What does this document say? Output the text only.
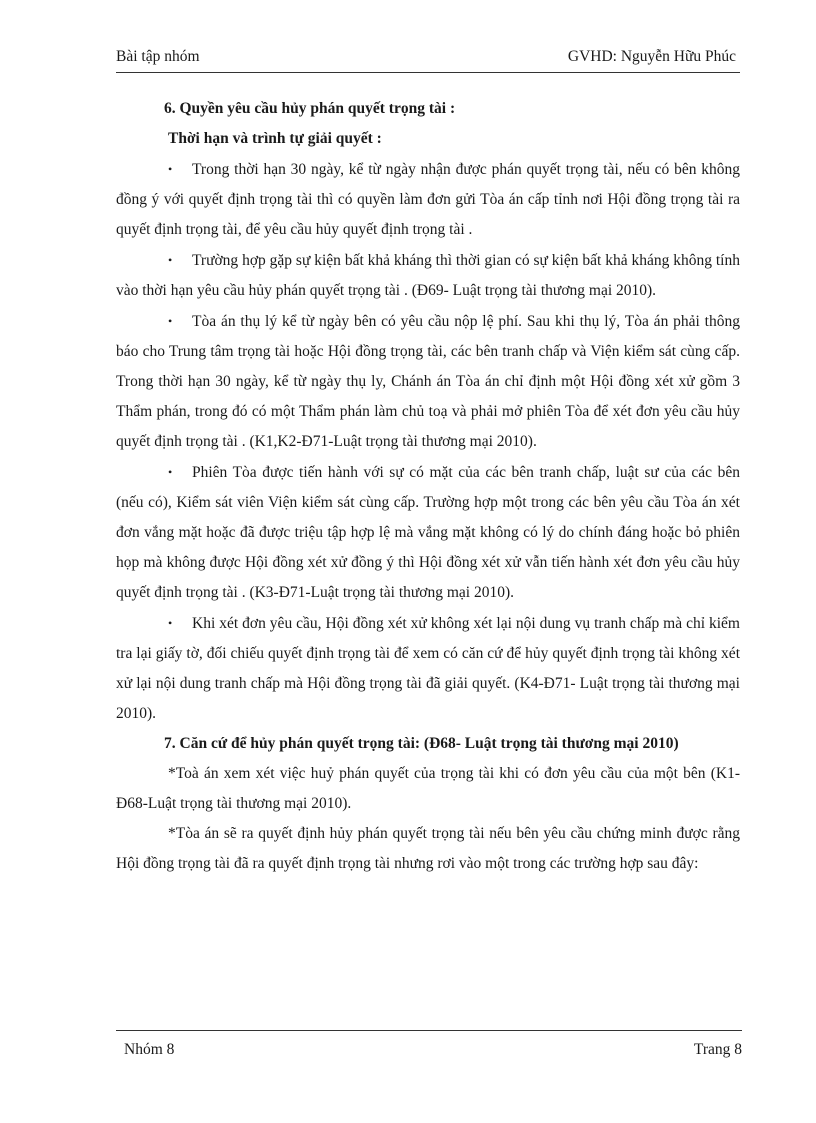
Bài tập nhóm	GVHD: Nguyễn Hữu Phúc

6. Quyền yêu cầu hủy phán quyết trọng tài :

Thời hạn và trình tự giải quyết :

• Trong thời hạn 30 ngày, kể từ ngày nhận được phán quyết trọng tài, nếu có bên không đồng ý với quyết định trọng tài thì có quyền làm đơn gửi Tòa án cấp tỉnh nơi Hội đồng trọng tài ra quyết định trọng tài, để yêu cầu hủy quyết định trọng tài .

• Trường hợp gặp sự kiện bất khả kháng thì thời gian có sự kiện bất khả kháng không tính vào thời hạn yêu cầu hủy phán quyết trọng tài . (Đ69- Luật trọng tài thương mại 2010).

• Tòa án thụ lý kể từ ngày bên có yêu cầu nộp lệ phí. Sau khi thụ lý, Tòa án phải thông báo cho Trung tâm trọng tài hoặc Hội đồng trọng tài, các bên tranh chấp và Viện kiểm sát cùng cấp. Trong thời hạn 30 ngày, kể từ ngày thụ ly, Chánh án Tòa án chỉ định một Hội đồng xét xử gồm 3 Thẩm phán, trong đó có một Thẩm phán làm chủ toạ và phải mở phiên Tòa để xét đơn yêu cầu hủy quyết định trọng tài . (K1,K2-Đ71-Luật trọng tài thương mại 2010).

• Phiên Tòa được tiến hành với sự có mặt của các bên tranh chấp, luật sư của các bên (nếu có), Kiểm sát viên Viện kiểm sát cùng cấp. Trường hợp một trong các bên yêu cầu Tòa án xét đơn vắng mặt hoặc đã được triệu tập hợp lệ mà vắng mặt không có lý do chính đáng hoặc bỏ phiên họp mà không được Hội đồng xét xử đồng ý thì Hội đồng xét xử vẫn tiến hành xét đơn yêu cầu hủy quyết định trọng tài . (K3-Đ71-Luật trọng tài thương mại 2010).

• Khi xét đơn yêu cầu, Hội đồng xét xử không xét lại nội dung vụ tranh chấp mà chỉ kiểm tra lại giấy tờ, đối chiếu quyết định trọng tài để xem có căn cứ để hủy quyết định trọng tài không xét xử lại nội dung tranh chấp mà Hội đồng trọng tài đã giải quyết. (K4-Đ71- Luật trọng tài thương mại 2010).

7. Căn cứ để hủy phán quyết trọng tài: (Đ68- Luật trọng tài thương mại 2010)

*Toà án xem xét việc huỷ phán quyết của trọng tài khi có đơn yêu cầu của một bên (K1-Đ68-Luật trọng tài thương mại 2010).

*Tòa án sẽ ra quyết định hủy phán quyết trọng tài nếu bên yêu cầu chứng minh được rằng Hội đồng trọng tài đã ra quyết định trọng tài nhưng rơi vào một trong các trường hợp sau đây:

Nhóm 8	Trang 8
